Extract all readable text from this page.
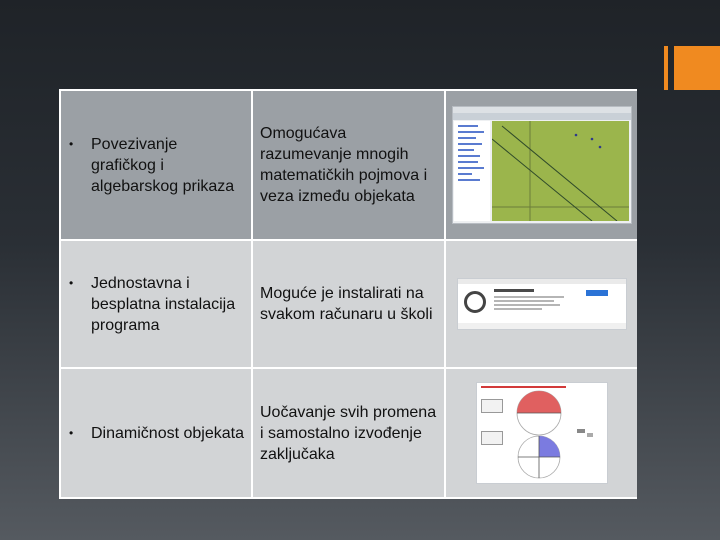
•	Povezivanje grafičkog i algebarskog prikaza
Omogućava razumevanje mnogih matematičkih pojmova i veza između objekata
•	Jednostavna i besplatna instalacija programa
Moguće je instalirati na svakom računaru u školi
•	Dinamičnost objekata
Uočavanje svih promena i samostalno izvođenje zaključaka
